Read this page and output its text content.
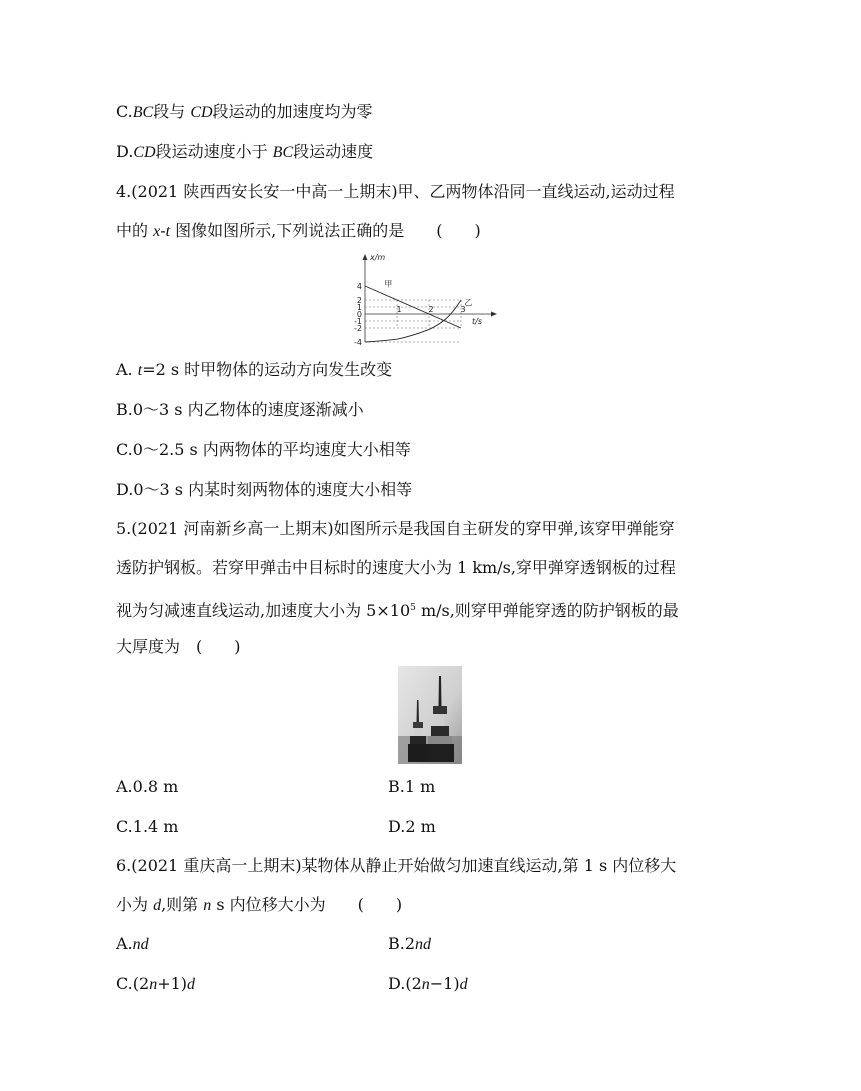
C.BC段与 CD段运动的加速度均为零
D.CD段运动速度小于 BC段运动速度
4.(2021 陕西西安长安一中高一上期末)甲、乙两物体沿同一直线运动,运动过程
中的 x-t 图像如图所示,下列说法正确的是　　(　　)
x/m
t/s
4
2
1
0
-1
-2
-4
1	2	3
甲
乙
A. t=2 s 时甲物体的运动方向发生改变
B.0～3 s 内乙物体的速度逐渐减小
C.0～2.5 s 内两物体的平均速度大小相等
D.0～3 s 内某时刻两物体的速度大小相等
5.(2021 河南新乡高一上期末)如图所示是我国自主研发的穿甲弹,该穿甲弹能穿
透防护钢板。若穿甲弹击中目标时的速度大小为 1 km/s,穿甲弹穿透钢板的过程
视为匀减速直线运动,加速度大小为 $5\times 10^5$ m/s,则穿甲弹能穿透的防护钢板的最
大厚度为　(　　)
A.0.8 m	B.1 m
C.1.4 m	D.2 m
6.(2021 重庆高一上期末)某物体从静止开始做匀加速直线运动,第 1 s 内位移大
小为 d,则第 n s 内位移大小为　　(　　)
A.nd	B.2nd
C.(2n+1)d	D.(2n−1)d
